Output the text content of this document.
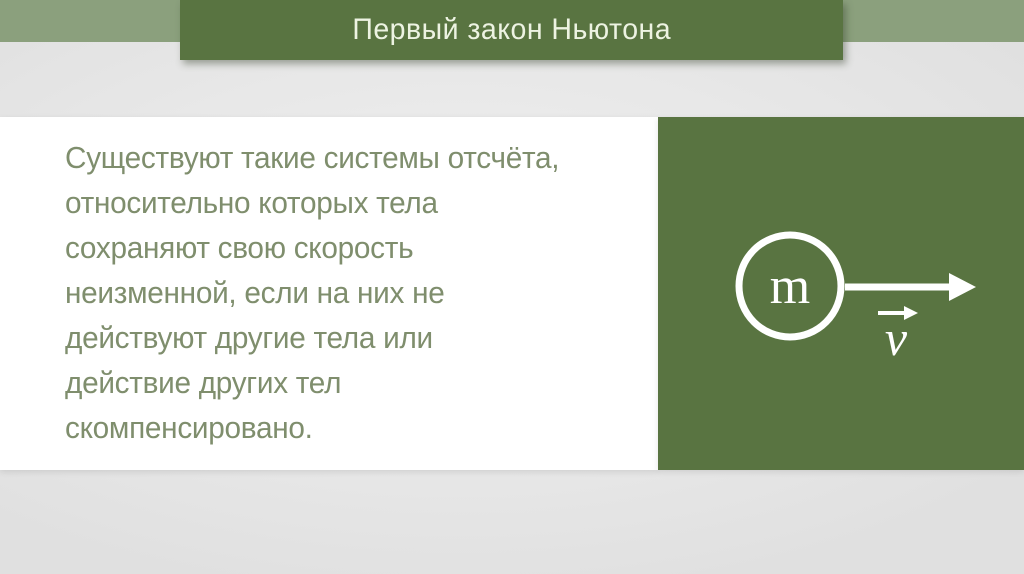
Первый закон Ньютона
Существуют такие системы отсчёта,
относительно которых тела
сохраняют свою скорость
неизменной, если на них не
действуют другие тела или
действие других тел
скомпенсировано.
m
v
